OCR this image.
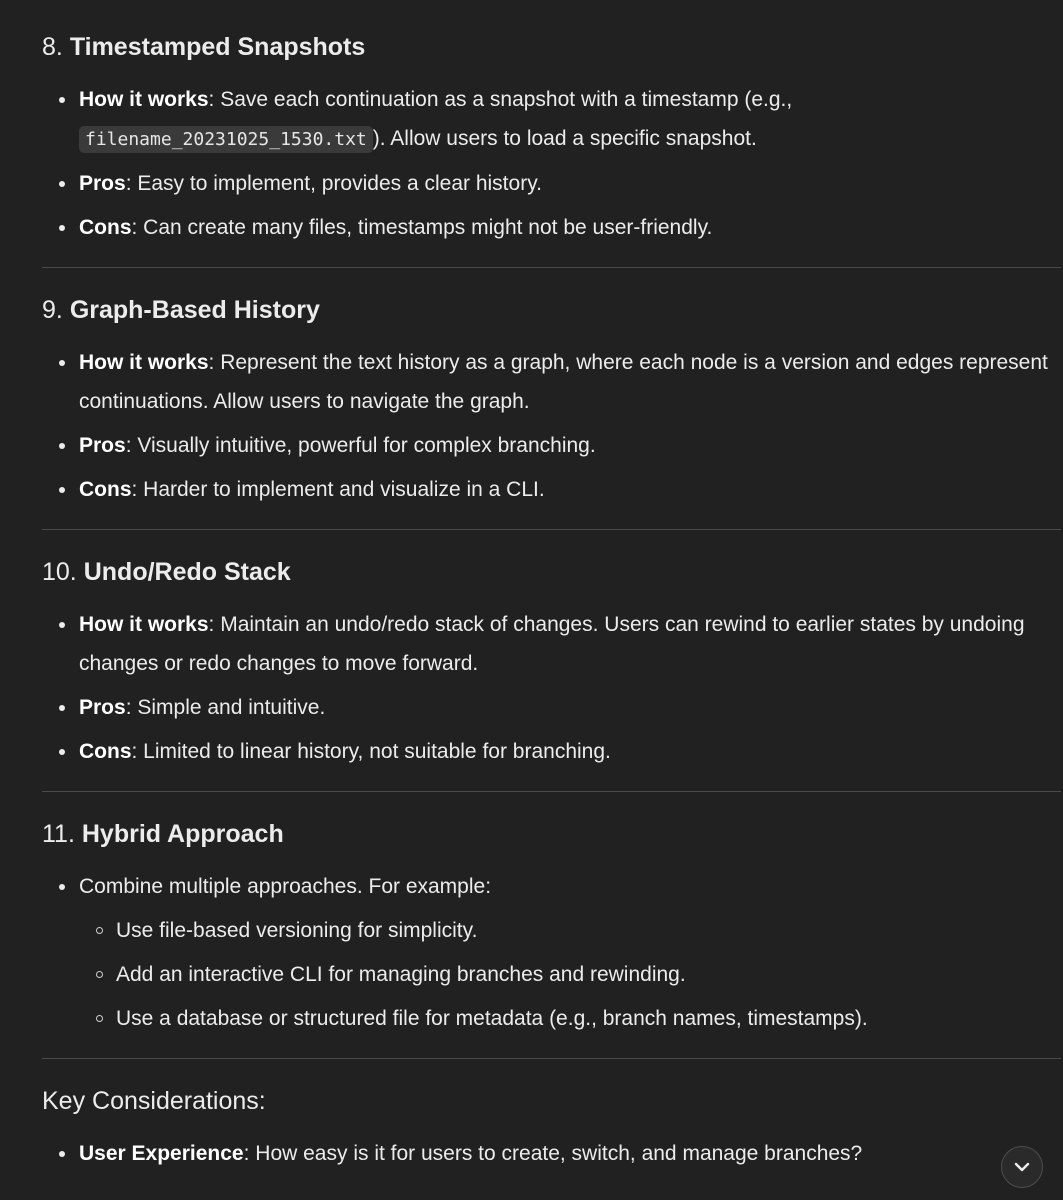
8. Timestamped Snapshots
How it works: Save each continuation as a snapshot with a timestamp (e.g., filename_20231025_1530.txt ). Allow users to load a specific snapshot.
Pros: Easy to implement, provides a clear history.
Cons: Can create many files, timestamps might not be user-friendly.
9. Graph-Based History
How it works: Represent the text history as a graph, where each node is a version and edges represent continuations. Allow users to navigate the graph.
Pros: Visually intuitive, powerful for complex branching.
Cons: Harder to implement and visualize in a CLI.
10. Undo/Redo Stack
How it works: Maintain an undo/redo stack of changes. Users can rewind to earlier states by undoing changes or redo changes to move forward.
Pros: Simple and intuitive.
Cons: Limited to linear history, not suitable for branching.
11. Hybrid Approach
Combine multiple approaches. For example:
Use file-based versioning for simplicity.
Add an interactive CLI for managing branches and rewinding.
Use a database or structured file for metadata (e.g., branch names, timestamps).
Key Considerations:
User Experience: How easy is it for users to create, switch, and manage branches?
